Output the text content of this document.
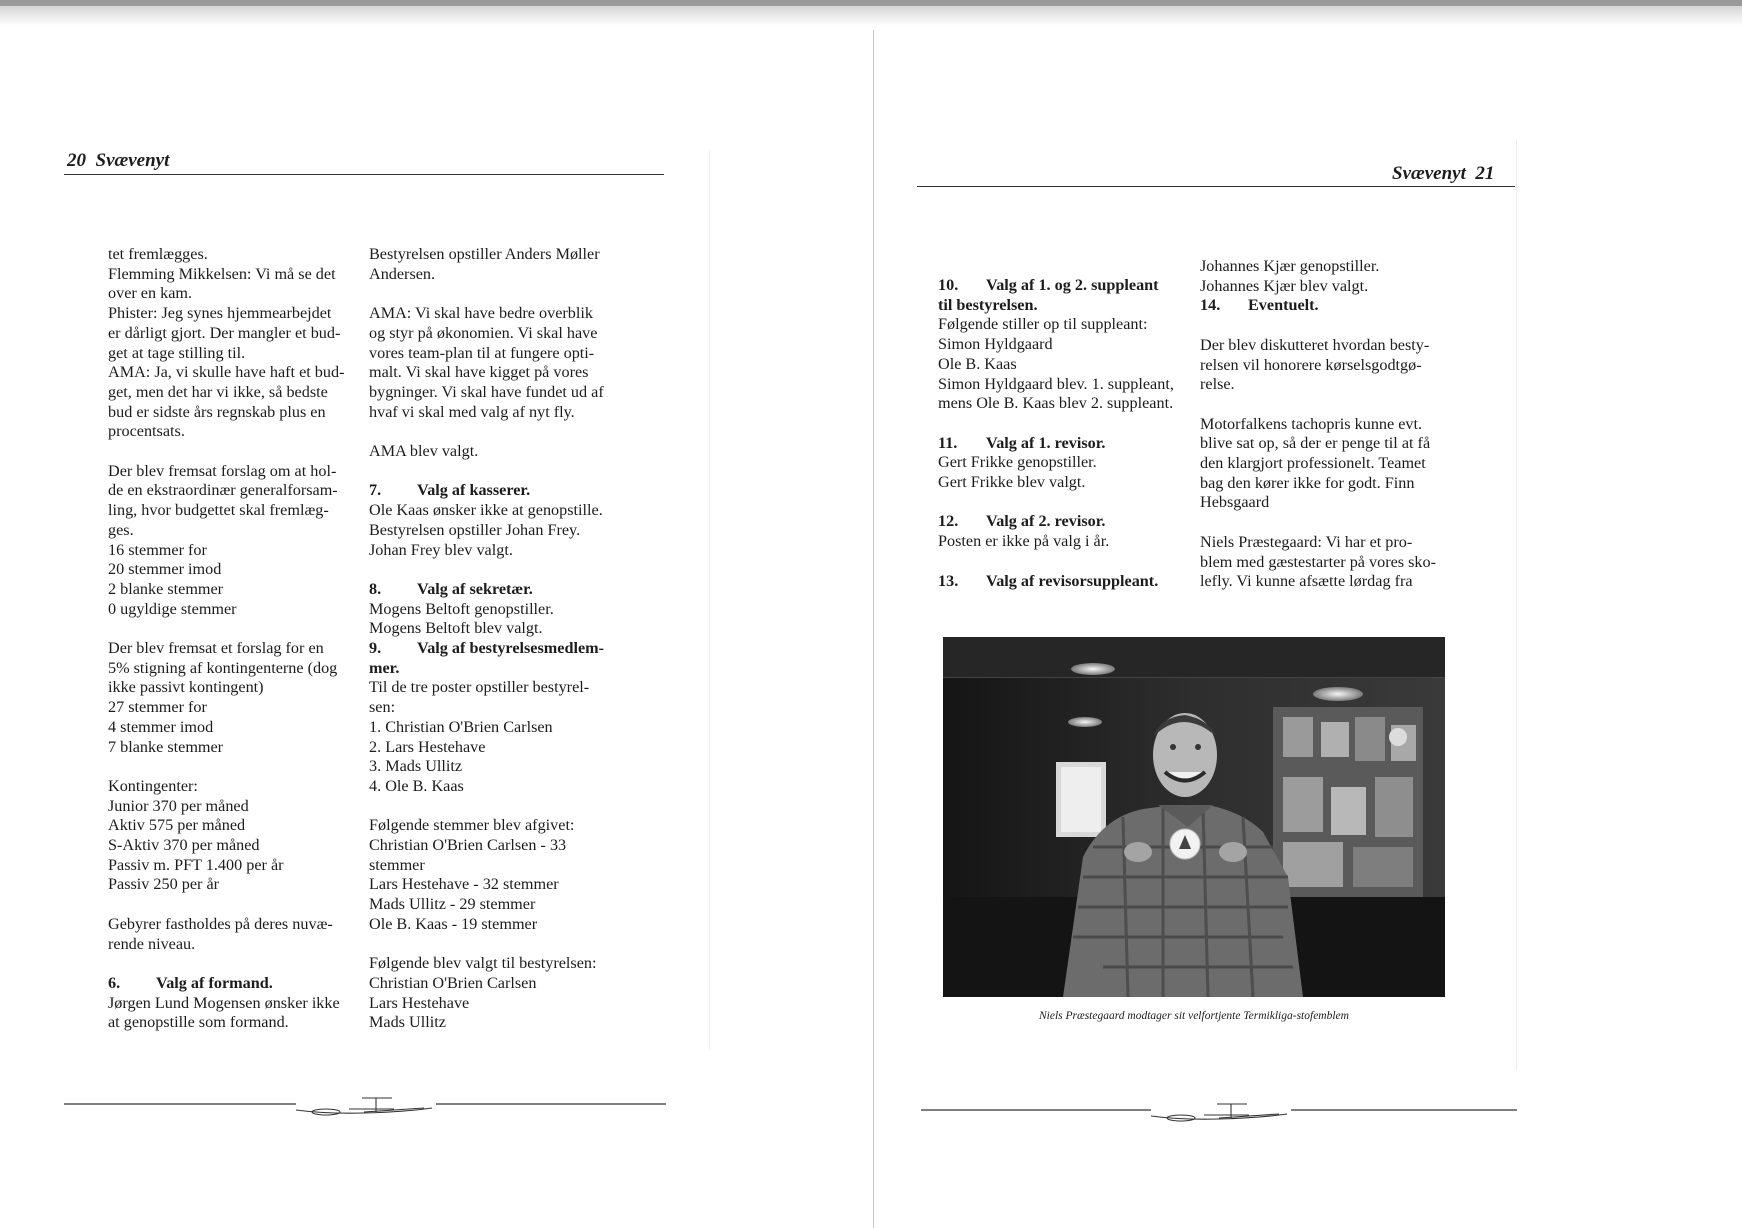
20 Svævenyt

tet fremlægges.
Flemming Mikkelsen: Vi må se det
over en kam.
Phister: Jeg synes hjemmearbejdet
er dårligt gjort. Der mangler et bud-
get at tage stilling til.
AMA: Ja, vi skulle have haft et bud-
get, men det har vi ikke, så bedste
bud er sidste års regnskab plus en
procentsats.

Der blev fremsat forslag om at hol-
de en ekstraordinær generalforsam-
ling, hvor budgettet skal fremlæg-
ges.
16 stemmer for
20 stemmer imod
2 blanke stemmer
0 ugyldige stemmer

Der blev fremsat et forslag for en
5% stigning af kontingenterne (dog
ikke passivt kontingent)
27 stemmer for
4 stemmer imod
7 blanke stemmer

Kontingenter:
Junior 370 per måned
Aktiv 575 per måned
S-Aktiv 370 per måned
Passiv m. PFT 1.400 per år
Passiv 250 per år

Gebyrer fastholdes på deres nuvæ-
rende niveau.

6. Valg af formand.
Jørgen Lund Mogensen ønsker ikke
at genopstille som formand.

Bestyrelsen opstiller Anders Møller
Andersen.

AMA: Vi skal have bedre overblik
og styr på økonomien. Vi skal have
vores team-plan til at fungere opti-
malt. Vi skal have kigget på vores
bygninger. Vi skal have fundet ud af
hvaf vi skal med valg af nyt fly.

AMA blev valgt.

7. Valg af kasserer.
Ole Kaas ønsker ikke at genopstille.
Bestyrelsen opstiller Johan Frey.
Johan Frey blev valgt.

8. Valg af sekretær.
Mogens Beltoft genopstiller.
Mogens Beltoft blev valgt.

9. Valg af bestyrelsesmedlem-
mer.
Til de tre poster opstiller bestyrel-
sen:
1. Christian O'Brien Carlsen
2. Lars Hestehave
3. Mads Ullitz
4. Ole B. Kaas

Følgende stemmer blev afgivet:
Christian O'Brien Carlsen - 33
stemmer
Lars Hestehave - 32 stemmer
Mads Ullitz - 29 stemmer
Ole B. Kaas - 19 stemmer

Følgende blev valgt til bestyrelsen:
Christian O'Brien Carlsen
Lars Hestehave
Mads Ullitz

Svævenyt 21

10. Valg af 1. og 2. suppleant
til bestyrelsen.
Følgende stiller op til suppleant:
Simon Hyldgaard
Ole B. Kaas
Simon Hyldgaard blev. 1. suppleant,
mens Ole B. Kaas blev 2. suppleant.

11. Valg af 1. revisor.
Gert Frikke genopstiller.
Gert Frikke blev valgt.

12. Valg af 2. revisor.
Posten er ikke på valg i år.

13. Valg af revisorsuppleant.

Johannes Kjær genopstiller.
Johannes Kjær blev valgt.

14. Eventuelt.

Der blev diskutteret hvordan besty-
relsen vil honorere kørselsgodtgø-
relse.

Motorfalkens tachopris kunne evt.
blive sat op, så der er penge til at få
den klargjort professionelt. Teamet
bag den kører ikke for godt. Finn
Hebsgaard

Niels Præstegaard: Vi har et pro-
blem med gæstestarter på vores sko-
lefly. Vi kunne afsætte lørdag fra

Niels Præstegaard modtager sit velfortjente Termikliga-stofemblem
